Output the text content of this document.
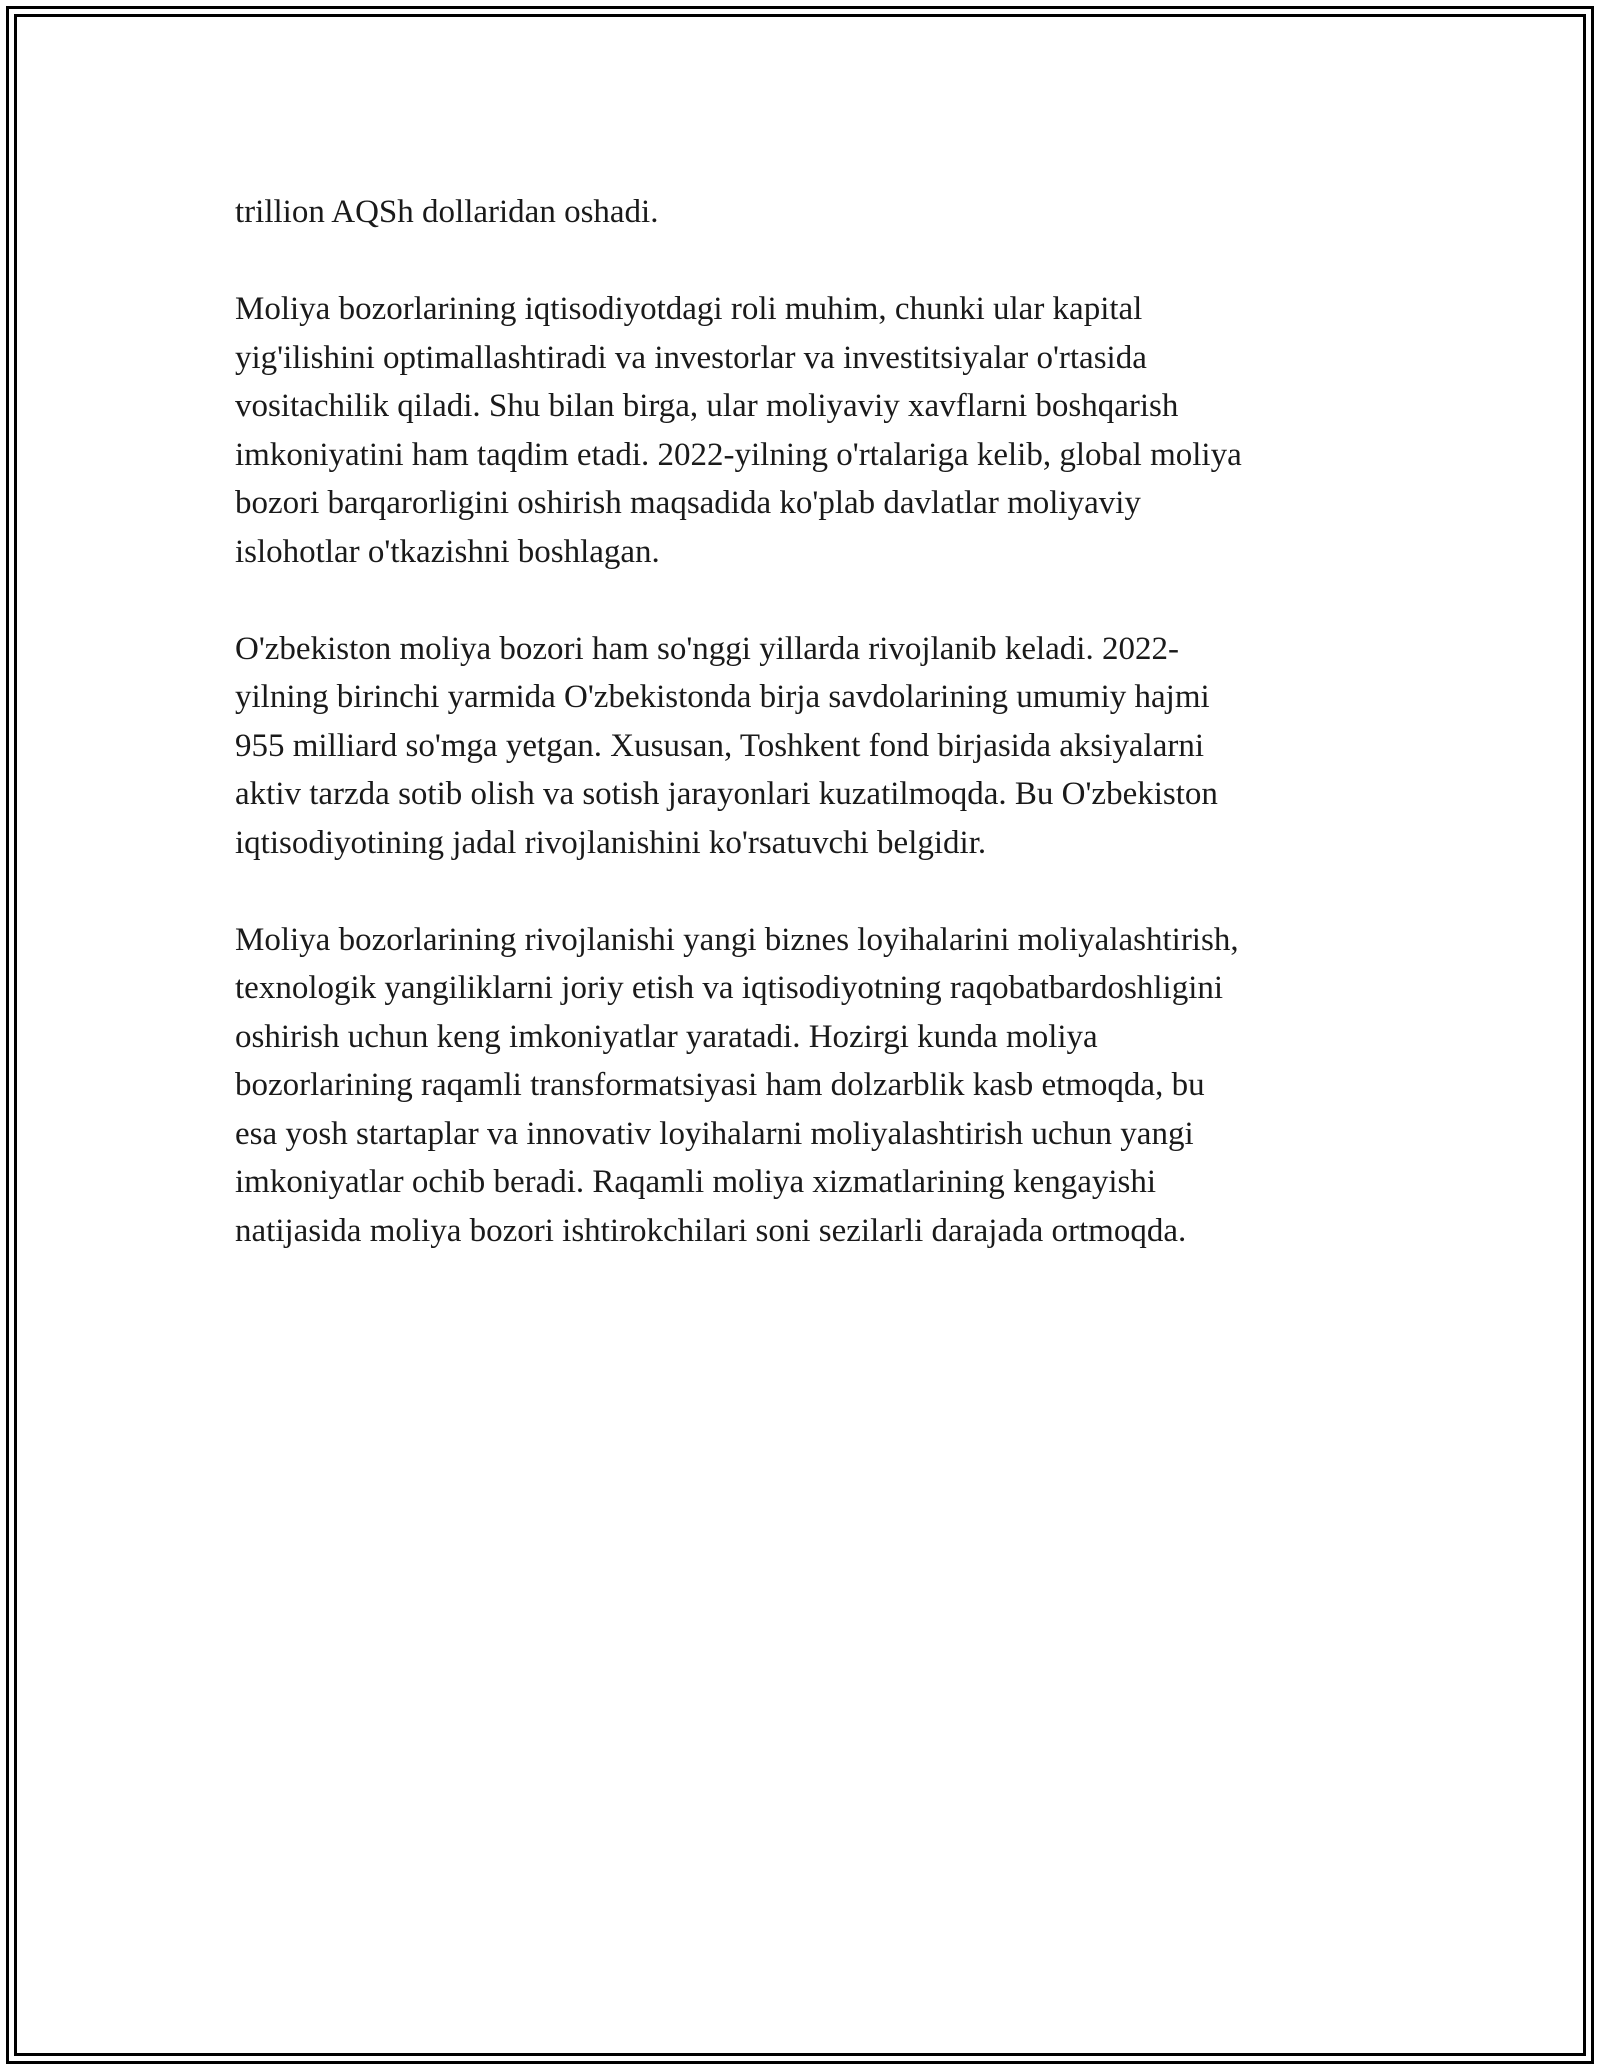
trillion AQSh dollaridan oshadi.

Moliya bozorlarining iqtisodiyotdagi roli muhim, chunki ular kapital
yig'ilishini optimallashtiradi va investorlar va investitsiyalar o'rtasida
vositachilik qiladi. Shu bilan birga, ular moliyaviy xavflarni boshqarish
imkoniyatini ham taqdim etadi. 2022-yilning o'rtalariga kelib, global moliya
bozori barqarorligini oshirish maqsadida ko'plab davlatlar moliyaviy
islohotlar o'tkazishni boshlagan.

O'zbekiston moliya bozori ham so'nggi yillarda rivojlanib keladi. 2022-
yilning birinchi yarmida O'zbekistonda birja savdolarining umumiy hajmi
955 milliard so'mga yetgan. Xususan, Toshkent fond birjasida aksiyalarni
aktiv tarzda sotib olish va sotish jarayonlari kuzatilmoqda. Bu O'zbekiston
iqtisodiyotining jadal rivojlanishini ko'rsatuvchi belgidir.

Moliya bozorlarining rivojlanishi yangi biznes loyihalarini moliyalashtirish,
texnologik yangiliklarni joriy etish va iqtisodiyotning raqobatbardoshligini
oshirish uchun keng imkoniyatlar yaratadi. Hozirgi kunda moliya
bozorlarining raqamli transformatsiyasi ham dolzarblik kasb etmoqda, bu
esa yosh startaplar va innovativ loyihalarni moliyalashtirish uchun yangi
imkoniyatlar ochib beradi. Raqamli moliya xizmatlarining kengayishi
natijasida moliya bozori ishtirokchilari soni sezilarli darajada ortmoqda.
